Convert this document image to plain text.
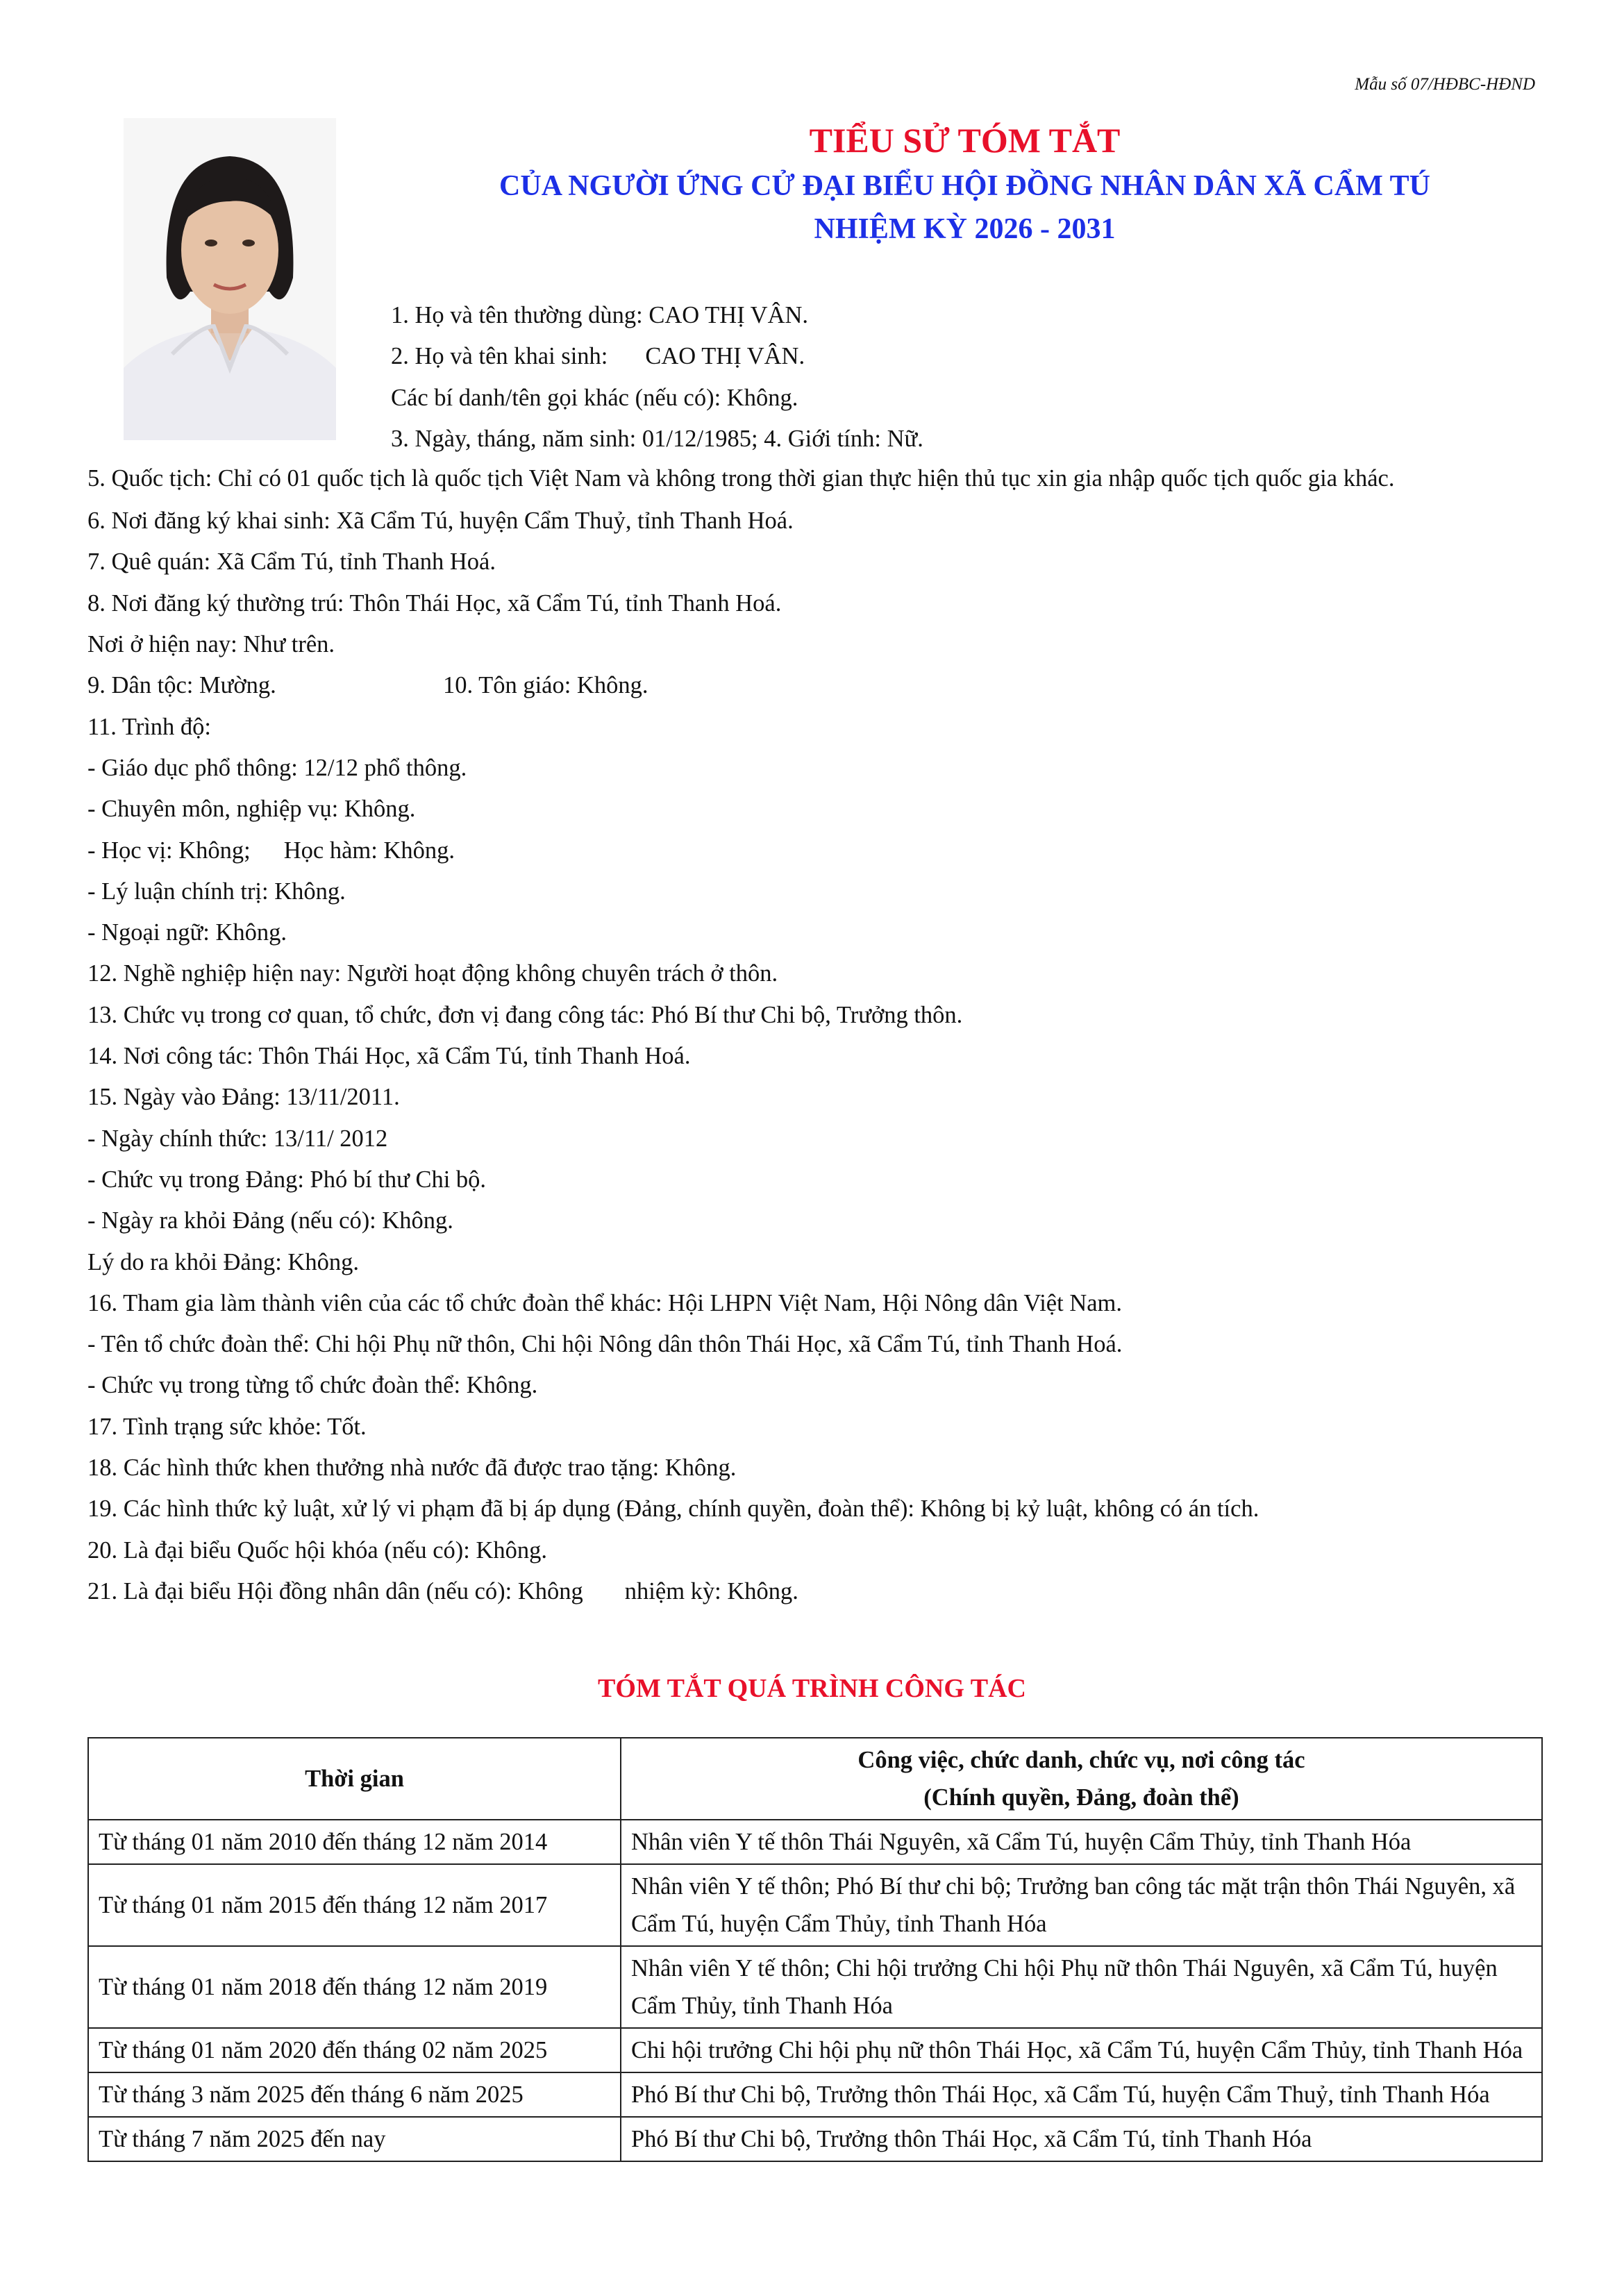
Mẫu số 07/HĐBC-HĐND
TIỂU SỬ TÓM TẮT
CỦA NGƯỜI ỨNG CỬ ĐẠI BIỂU HỘI ĐỒNG NHÂN DÂN XÃ CẨM TÚ
NHIỆM KỲ 2026 - 2031

1. Họ và tên thường dùng: CAO THỊ VÂN.

2. Họ và tên khai sinh: CAO THỊ VÂN.

Các bí danh/tên gọi khác (nếu có): Không.

3. Ngày, tháng, năm sinh: 01/12/1985; 4. Giới tính: Nữ.

5. Quốc tịch: Chỉ có 01 quốc tịch là quốc tịch Việt Nam và không trong thời gian thực hiện thủ tục xin gia nhập quốc tịch quốc gia khác.

6. Nơi đăng ký khai sinh: Xã Cẩm Tú, huyện Cẩm Thuỷ, tỉnh Thanh Hoá.

7. Quê quán: Xã Cẩm Tú, tỉnh Thanh Hoá.

8. Nơi đăng ký thường trú: Thôn Thái Học, xã Cẩm Tú, tỉnh Thanh Hoá.

Nơi ở hiện nay: Như trên.

9. Dân tộc: Mường.	10. Tôn giáo: Không.

11. Trình độ:

- Giáo dục phổ thông: 12/12 phổ thông.

- Chuyên môn, nghiệp vụ: Không.

- Học vị: Không; Học hàm: Không.

- Lý luận chính trị: Không.

- Ngoại ngữ: Không.

12. Nghề nghiệp hiện nay: Người hoạt động không chuyên trách ở thôn.

13. Chức vụ trong cơ quan, tổ chức, đơn vị đang công tác: Phó Bí thư Chi bộ, Trưởng thôn.

14. Nơi công tác: Thôn Thái Học, xã Cẩm Tú, tỉnh Thanh Hoá.

15. Ngày vào Đảng: 13/11/2011.

- Ngày chính thức: 13/11/ 2012

- Chức vụ trong Đảng: Phó bí thư Chi bộ.

- Ngày ra khỏi Đảng (nếu có): Không.

Lý do ra khỏi Đảng: Không.

16. Tham gia làm thành viên của các tổ chức đoàn thể khác: Hội LHPN Việt Nam, Hội Nông dân Việt Nam.

- Tên tổ chức đoàn thể: Chi hội Phụ nữ thôn, Chi hội Nông dân thôn Thái Học, xã Cẩm Tú, tỉnh Thanh Hoá.

- Chức vụ trong từng tổ chức đoàn thể: Không.

17. Tình trạng sức khỏe: Tốt.

18. Các hình thức khen thưởng nhà nước đã được trao tặng: Không.

19. Các hình thức kỷ luật, xử lý vi phạm đã bị áp dụng (Đảng, chính quyền, đoàn thể): Không bị kỷ luật, không có án tích.

20. Là đại biểu Quốc hội khóa (nếu có): Không.

21. Là đại biểu Hội đồng nhân dân (nếu có): Không nhiệm kỳ: Không.

TÓM TẮT QUÁ TRÌNH CÔNG TÁC
Thời gian	Công việc, chức danh, chức vụ, nơi công tác
(Chính quyền, Đảng, đoàn thể)

Từ tháng 01 năm 2010 đến tháng 12 năm 2014	Nhân viên Y tế thôn Thái Nguyên, xã Cẩm Tú, huyện Cẩm Thủy, tỉnh Thanh Hóa
Từ tháng 01 năm 2015 đến tháng 12 năm 2017	Nhân viên Y tế thôn; Phó Bí thư chi bộ; Trưởng ban công tác mặt trận thôn Thái Nguyên, xã Cẩm Tú, huyện Cẩm Thủy, tỉnh Thanh Hóa
Từ tháng 01 năm 2018 đến tháng 12 năm 2019	Nhân viên Y tế thôn; Chi hội trưởng Chi hội Phụ nữ thôn Thái Nguyên, xã Cẩm Tú, huyện Cẩm Thủy, tỉnh Thanh Hóa
Từ tháng 01 năm 2020 đến tháng 02 năm 2025	Chi hội trưởng Chi hội phụ nữ thôn Thái Học, xã Cẩm Tú, huyện Cẩm Thủy, tỉnh Thanh Hóa
Từ tháng 3 năm 2025 đến tháng 6 năm 2025	Phó Bí thư Chi bộ, Trưởng thôn Thái Học, xã Cẩm Tú, huyện Cẩm Thuỷ, tỉnh Thanh Hóa
Từ tháng 7 năm 2025 đến nay	Phó Bí thư Chi bộ, Trưởng thôn Thái Học, xã Cẩm Tú, tỉnh Thanh Hóa
